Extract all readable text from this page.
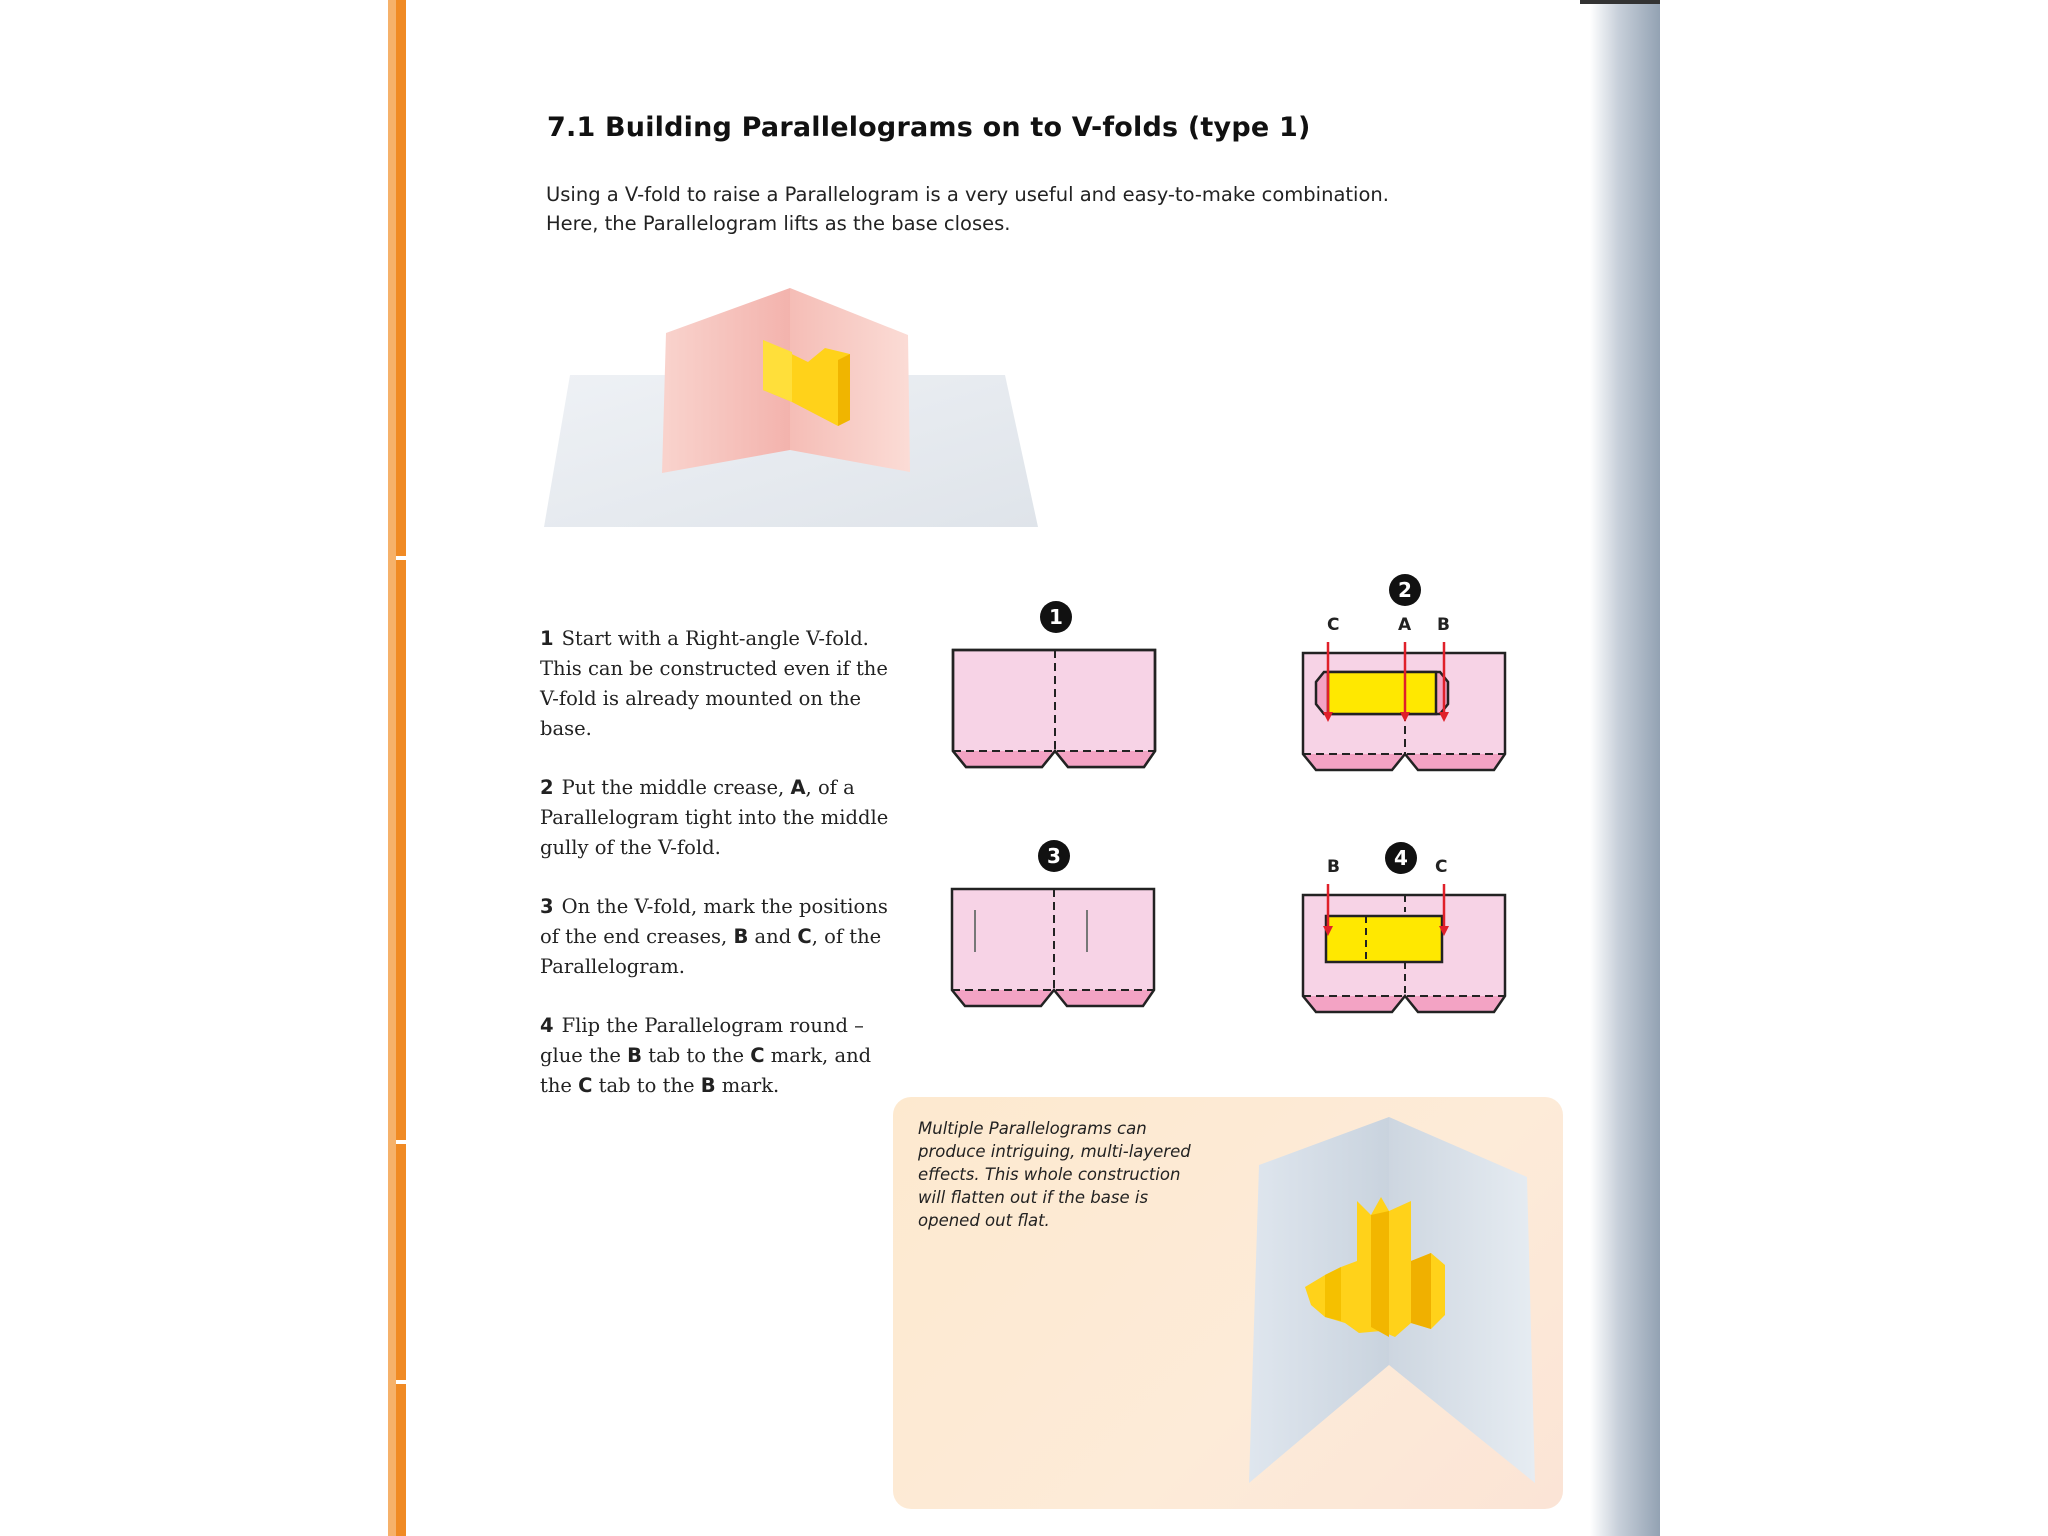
7.1 Building Parallelograms on to V-folds (type 1)
Using a V-fold to raise a Parallelogram is a very useful and easy-to-make combination. Here, the Parallelogram lifts as the base closes.
1 Start with a Right-angle V-fold. This can be constructed even if the V-fold is already mounted on the base.
2 Put the middle crease, A, of a Parallelogram tight into the middle gully of the V-fold.
3 On the V-fold, mark the positions of the end creases, B and C, of the Parallelogram.
4 Flip the Parallelogram round – glue the B tab to the C mark, and the C tab to the B mark.
1
2
C	A B
3	4
B	C
Multiple Parallelograms can produce intriguing, multi-layered effects. This whole construction will flatten out if the base is opened out flat.
